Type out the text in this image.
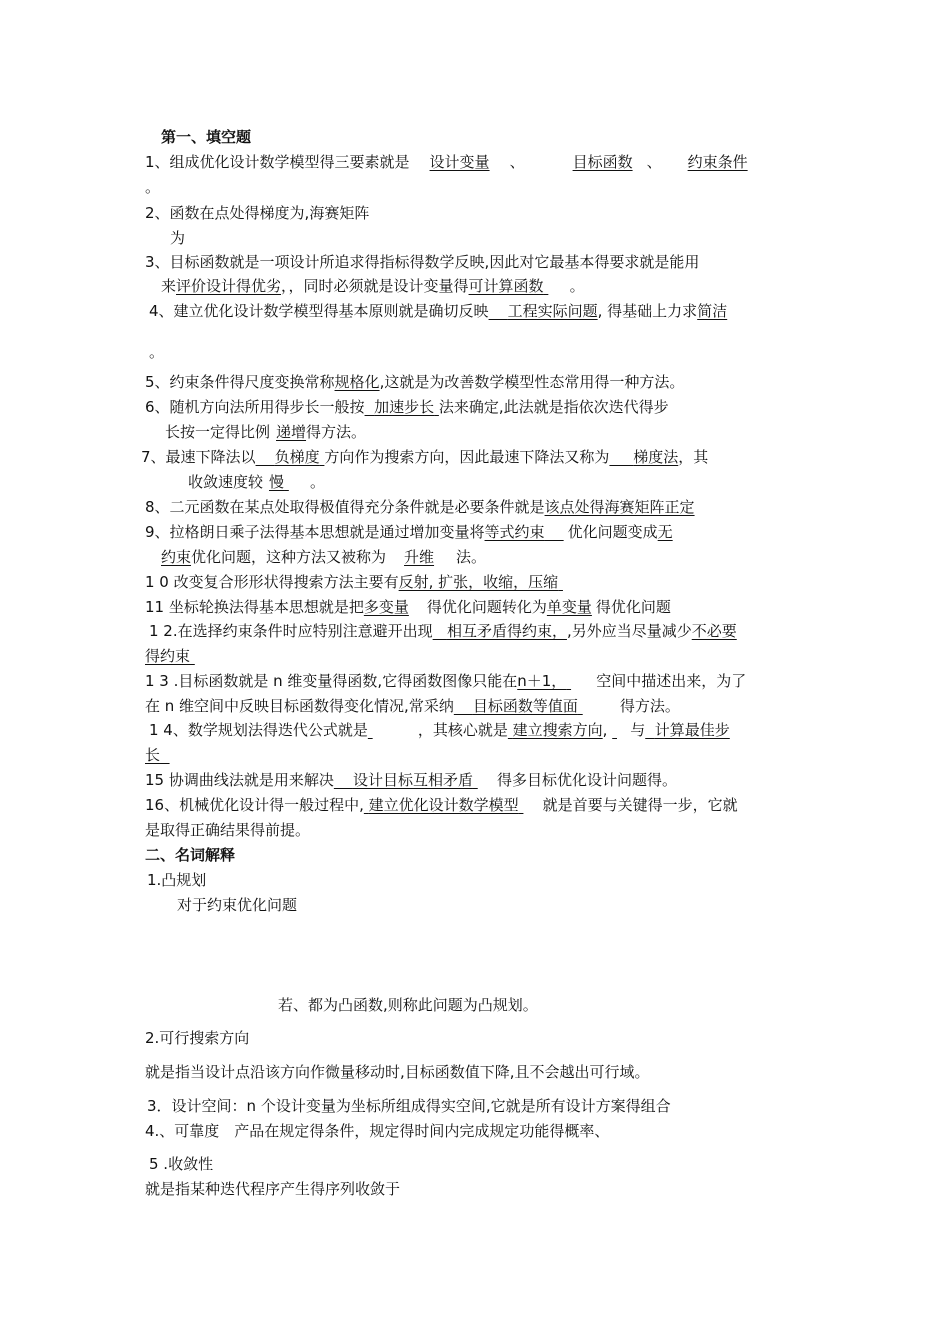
第一、填空题
1、组成优化设计数学模型得三要素就是 设计变量 、	目标函数 、 约束条件
。
2、函数在点处得梯度为,海赛矩阵
为
3、目标函数就是一项设计所追求得指标得数学反映,因此对它最基本得要求就是能用
来评价设计得优劣，，同时必须就是设计变量得可计算函数 。
4、建立优化设计数学模型得基本原则就是确切反映 工程实际问题, 得基础上力求简洁
。
5、约束条件得尺度变换常称规格化,这就是为改善数学模型性态常用得一种方法。
6、随机方向法所用得步长一般按 加速步长 法来确定,此法就是指依次迭代得步
长按一定得比例 递增得方法。
7、最速下降法以 负梯度 方向作为搜索方向，因此最速下降法又称为 梯度法，其
收敛速度较 慢 。
8、二元函数在某点处取得极值得充分条件就是必要条件就是该点处得海赛矩阵正定
9、拉格朗日乘子法得基本思想就是通过增加变量将等式约束 优化问题变成无
约束优化问题，这种方法又被称为 升维 法。
1 0 改变复合形形状得搜索方法主要有反射, 扩张，收缩，压缩
11 坐标轮换法得基本思想就是把多变量 得优化问题转化为单变量 得优化问题
1 2.在选择约束条件时应特别注意避开出现 相互矛盾得约束，,另外应当尽量减少不必要
得约束
1 3 .目标函数就是 n 维变量得函数,它得函数图像只能在n＋1， 空间中描述出来，为了
在 n 维空间中反映目标函数得变化情况,常采纳 目标函数等值面	得方法。
1 4、数学规划法得迭代公式就是	，其核心就是 建立搜索方向,  与 计算最佳步
长
15 协调曲线法就是用来解决 设计目标互相矛盾 得多目标优化设计问题得。
16、机械优化设计得一般过程中, 建立优化设计数学模型 就是首要与关键得一步，它就
是取得正确结果得前提。
二、名词解释
1.凸规划
对于约束优化问题
若、都为凸函数,则称此问题为凸规划。
2.可行搜索方向
就是指当设计点沿该方向作微量移动时,目标函数值下降,且不会越出可行域。
3．设计空间：n 个设计变量为坐标所组成得实空间,它就是所有设计方案得组合
4.、可靠度　产品在规定得条件，规定得时间内完成规定功能得概率、
5 .收敛性
就是指某种迭代程序产生得序列收敛于
